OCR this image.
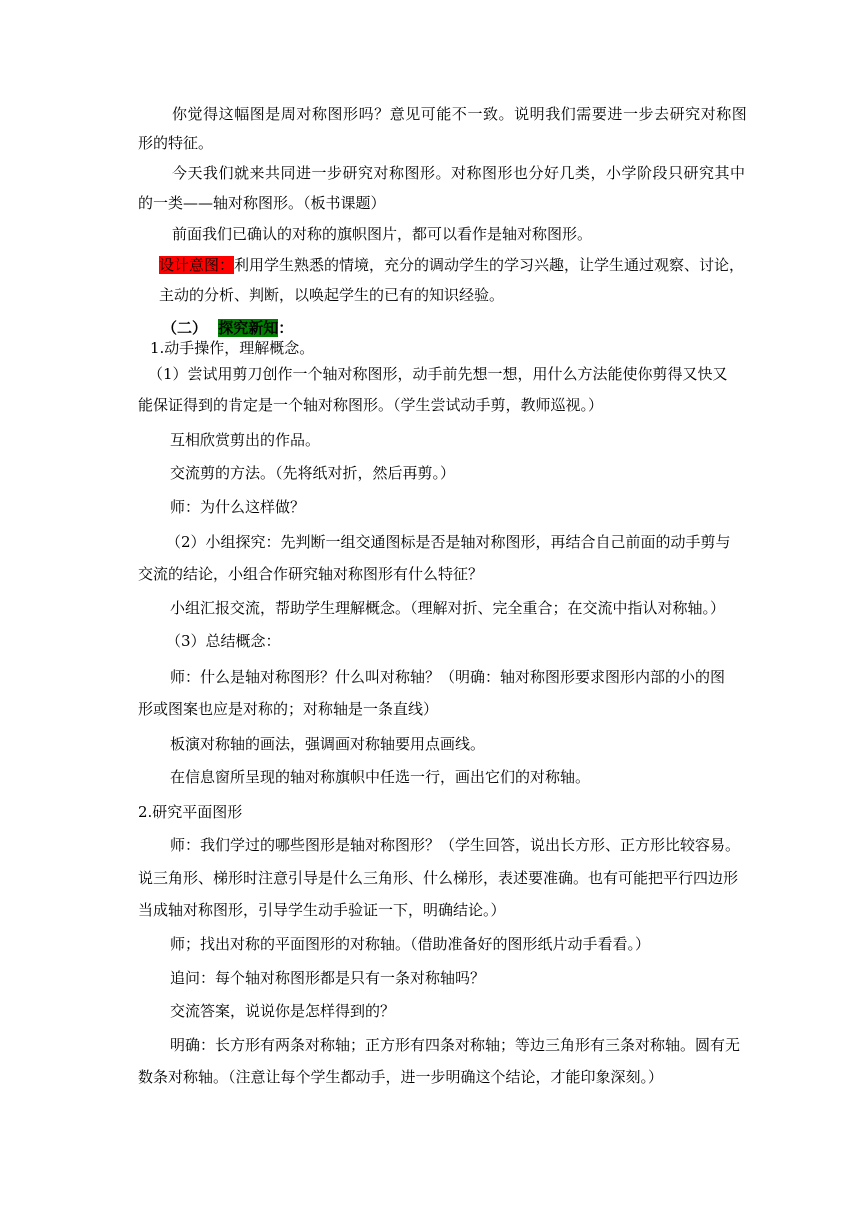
你觉得这幅图是周对称图形吗？意见可能不一致。说明我们需要进一步去研究对称图
形的特征。
今天我们就来共同进一步研究对称图形。对称图形也分好几类，小学阶段只研究其中
的一类——轴对称图形。（板书课题）
前面我们已确认的对称的旗帜图片，都可以看作是轴对称图形。
设计意图：利用学生熟悉的情境，充分的调动学生的学习兴趣，让学生通过观察、讨论，
主动的分析、判断，以唤起学生的已有的知识经验。
（二） 探究新知：
1.动手操作，理解概念。
（1）尝试用剪刀创作一个轴对称图形，动手前先想一想，用什么方法能使你剪得又快又
能保证得到的肯定是一个轴对称图形。（学生尝试动手剪，教师巡视。）
互相欣赏剪出的作品。
交流剪的方法。（先将纸对折，然后再剪。）
师：为什么这样做？
（2）小组探究：先判断一组交通图标是否是轴对称图形，再结合自己前面的动手剪与
交流的结论，小组合作研究轴对称图形有什么特征？
小组汇报交流，帮助学生理解概念。（理解对折、完全重合；在交流中指认对称轴。）
（3）总结概念：
师：什么是轴对称图形？什么叫对称轴？（明确：轴对称图形要求图形内部的小的图
形或图案也应是对称的；对称轴是一条直线）
板演对称轴的画法，强调画对称轴要用点画线。
在信息窗所呈现的轴对称旗帜中任选一行，画出它们的对称轴。
2.研究平面图形
师：我们学过的哪些图形是轴对称图形？（学生回答，说出长方形、正方形比较容易。
说三角形、梯形时注意引导是什么三角形、什么梯形，表述要准确。也有可能把平行四边形
当成轴对称图形，引导学生动手验证一下，明确结论。）
师；找出对称的平面图形的对称轴。（借助准备好的图形纸片动手看看。）
追问：每个轴对称图形都是只有一条对称轴吗？
交流答案，说说你是怎样得到的？
明确：长方形有两条对称轴；正方形有四条对称轴；等边三角形有三条对称轴。圆有无
数条对称轴。（注意让每个学生都动手，进一步明确这个结论，才能印象深刻。）
